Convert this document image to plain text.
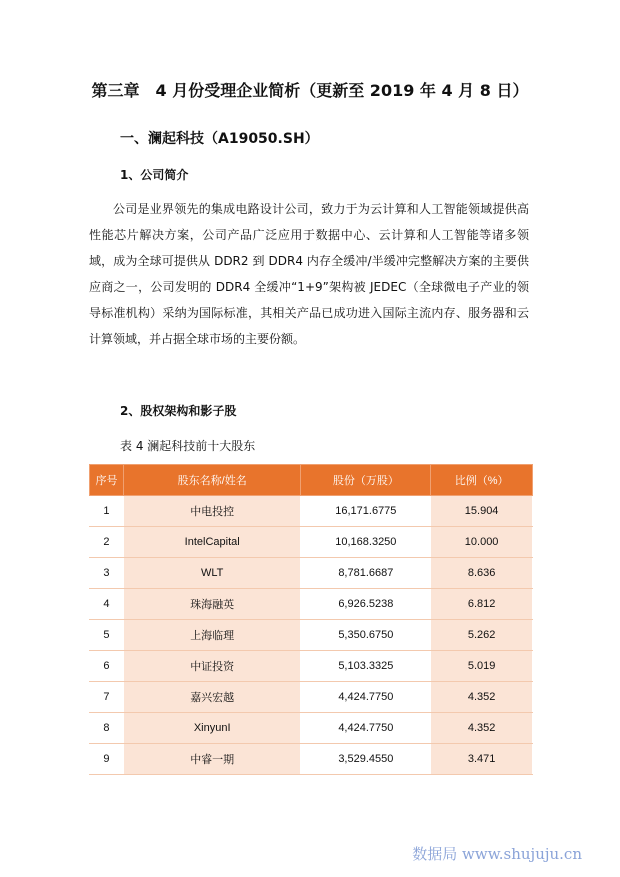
第三章　4 月份受理企业简析（更新至 2019 年 4 月 8 日）
一、澜起科技（A19050.SH）
1、公司简介
公司是业界领先的集成电路设计公司，致力于为云计算和人工智能领域提供高性能芯片解决方案，公司产品广泛应用于数据中心、云计算和人工智能等诸多领域，成为全球可提供从 DDR2 到 DDR4 内存全缓冲/半缓冲完整解决方案的主要供应商之一，公司发明的 DDR4 全缓冲“1+9”架构被 JEDEC（全球微电子产业的领导标准机构）采纳为国际标准，其相关产品已成功进入国际主流内存、服务器和云计算领域，并占据全球市场的主要份额。
2、股权架构和影子股
表 4 澜起科技前十大股东
序号	股东名称/姓名	股份（万股）	比例（%）
1	中电投控	16,171.6775	15.904
2	IntelCapital	10,168.3250	10.000
3	WLT	8,781.6687	8.636
4	珠海融英	6,926.5238	6.812
5	上海临理	5,350.6750	5.262
6	中证投资	5,103.3325	5.019
7	嘉兴宏越	4,424.7750	4.352
8	XinyunI	4,424.7750	4.352
9	中睿一期	3,529.4550	3.471
数据局 www.shujuju.cn
